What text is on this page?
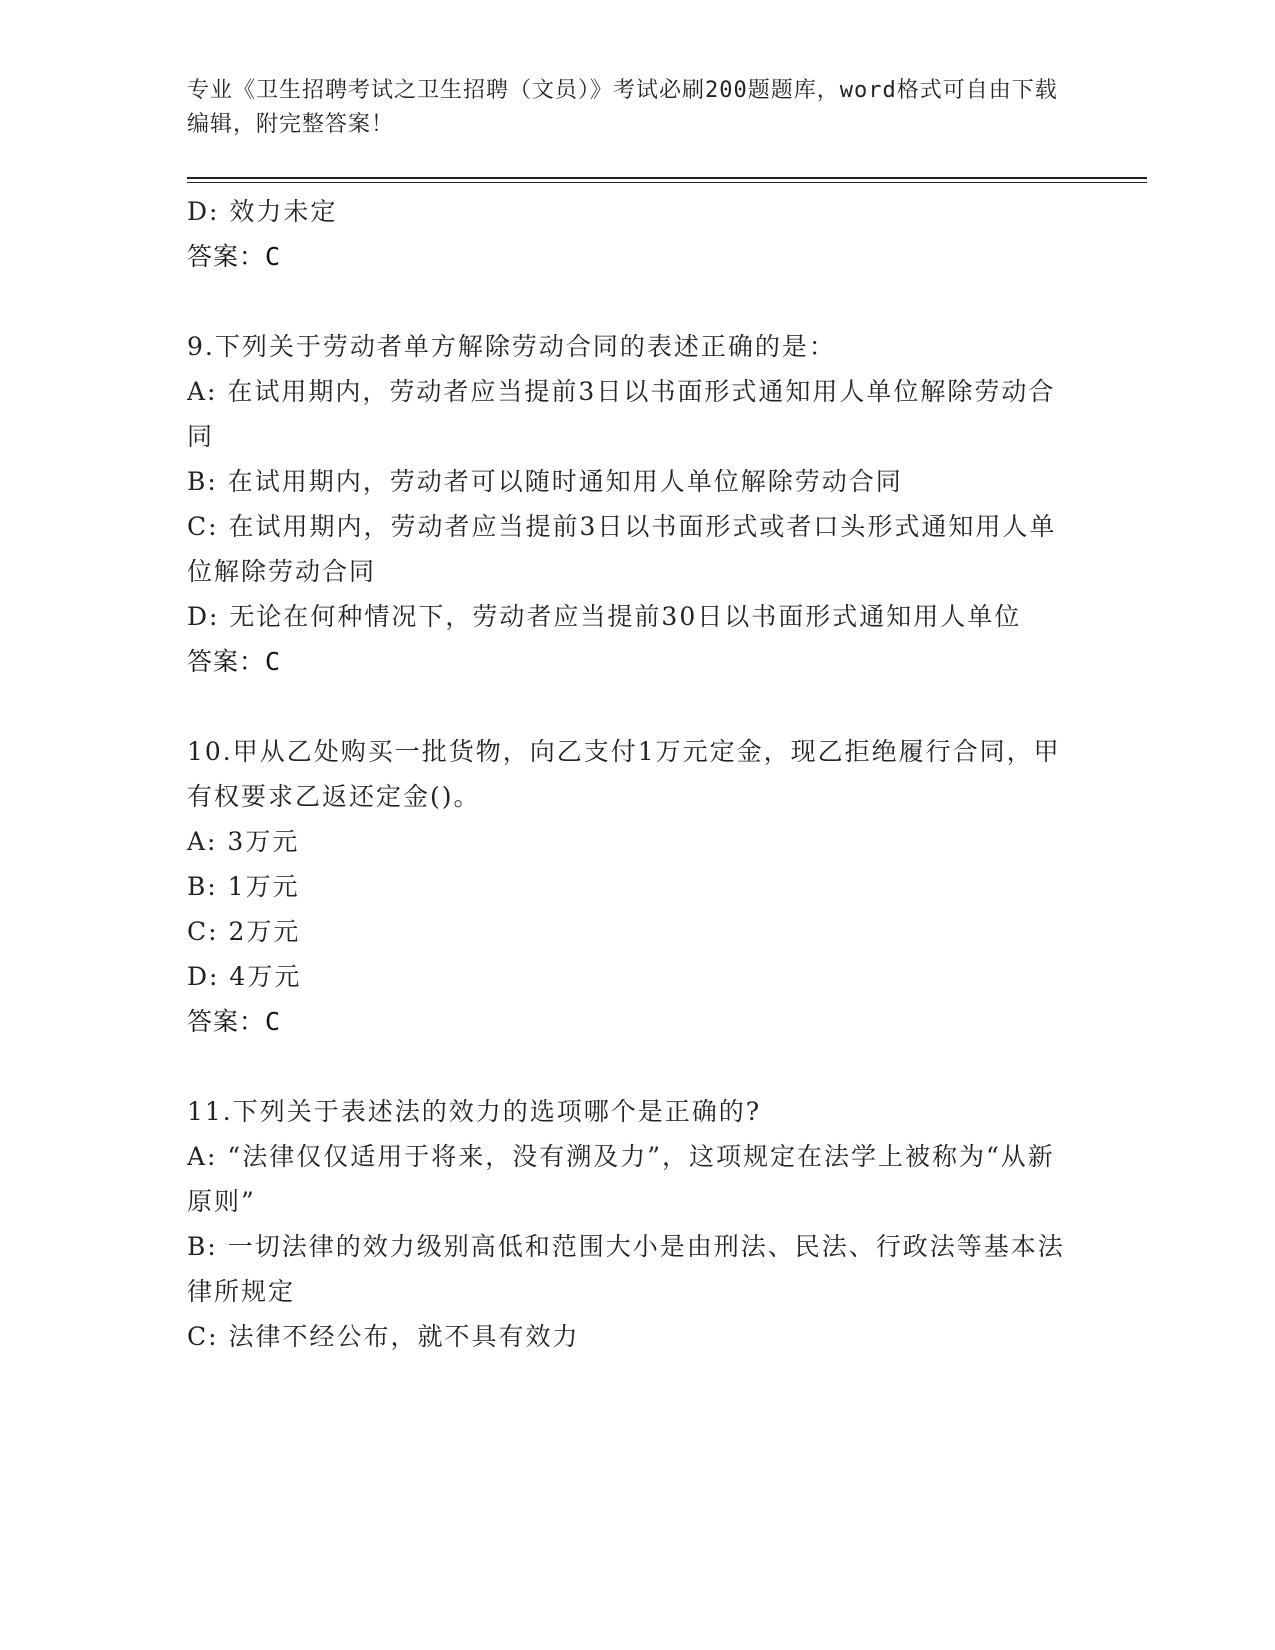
专业《卫生招聘考试之卫生招聘（文员）》考试必刷200题题库，word格式可自由下载编辑，附完整答案！

D: 效力未定

答案：C

9.下列关于劳动者单方解除劳动合同的表述正确的是：

A: 在试用期内，劳动者应当提前3日以书面形式通知用人单位解除劳动合同

B: 在试用期内，劳动者可以随时通知用人单位解除劳动合同

C: 在试用期内，劳动者应当提前3日以书面形式或者口头形式通知用人单位解除劳动合同

D: 无论在何种情况下，劳动者应当提前30日以书面形式通知用人单位

答案：C

10.甲从乙处购买一批货物，向乙支付1万元定金，现乙拒绝履行合同，甲有权要求乙返还定金()。

A: 3万元

B: 1万元

C: 2万元

D: 4万元

答案：C

11.下列关于表述法的效力的选项哪个是正确的?

A: “法律仅仅适用于将来，没有溯及力”，这项规定在法学上被称为“从新原则”

B: 一切法律的效力级别高低和范围大小是由刑法、民法、行政法等基本法律所规定

C: 法律不经公布，就不具有效力
